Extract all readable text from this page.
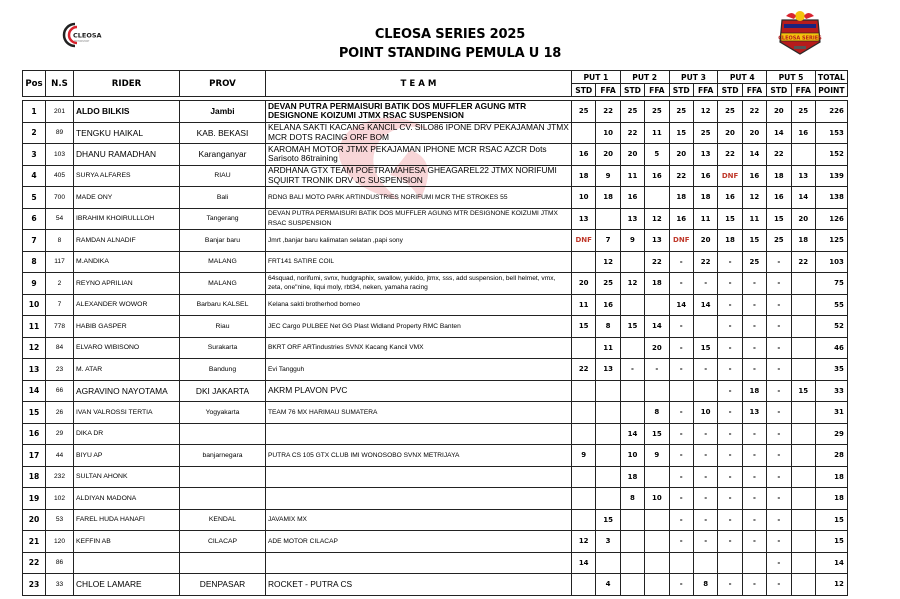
CLEOSA
MOTORSPORT	CLEOSA SERIES 2025
POINT STANDING PEMULA U 18
CLEOSA SERIES
Pos	N.S	RIDER	PROV	T E A M	PUT 1		PUT 2		PUT 3		PUT 4		PUT 5		TOTAL
					STD	FFA	STD	FFA	STD	FFA	STD	FFA	STD	FFA	POINT
1	201	ALDO BILKIS	Jambi	DEVAN PUTRA PERMAISURI BATIK DOS MUFFLER AGUNG MTR DESIGNONE KOIZUMI JTMX RSAC SUSPENSION	25	22	25	25	25	12	25	22	20	25	226
2	89	TENGKU HAIKAL	KAB. BEKASI	KELANA SAKTI KACANG KANCIL CV. SILO86 IPONE DRV PEKAJAMAN JTMX MCR DOTS RACING ORF BOM		10	22	11	15	25	20	20	14	16	153
3	103	DHANU RAMADHAN	Karanganyar	KAROMAH MOTOR JTMX PEKAJAMAN IPHONE MCR RSAC AZCR Dots Sarisoto 86training	16	20	20	5	20	13	22	14	22		152
4	405	SURYA ALFARES	RIAU	ARDHANA GTX TEAM POETRAMAHESA GHEAGAREL22 JTMX NORIFUMI SQUIRT TRONIK DRV JC SUSPENSION	18	9	11	16	22	16	DNF	16	18	13	139
5	700	MADE ONY	Bali	RDNG BALI MOTO PARK ARTINDUSTRIES NORIFUMI MCR THE STROKES 55	10	18	16		18	18	16	12	16	14	138
6	54	IBRAHIM KHOIRULLLOH	Tangerang	DEVAN PUTRA PERMAISURI BATIK DOS MUFFLER AGUNG MTR DESIGNONE KOIZUMI JTMX RSAC SUSPENSION	13		13	12	16	11	15	11	15	20	126
7	8	RAMDAN ALNADIF	Banjar baru	Jmrt ,banjar baru kalimatan selatan ,papi sony	DNF	7	9	13	DNF	20	18	15	25	18	125
8	117	M.ANDIKA	MALANG	FRT141 SATIRE COIL		12		22	-	22	-	25	-	22	103
9	2	REYNO APRILIAN	MALANG	64squad, norifumi, svnx, hudgraphix, swallow, yukido, jtmx, sss, add suspension, bell helmet, vmx, zeta, one"nine, liqui moly, rbt34, neken, yamaha racing	20	25	12	18	-	-	-	-	-		75
10	7	ALEXANDER WOWOR	Barbaru KALSEL	Kelana sakti brotherhod borneo	11	16			14	14	-	-	-		55
11	778	HABIB GASPER	Riau	JEC Cargo PULBEE Net GG Plast Widland Property RMC Banten	15	8	15	14	-		-	-	-		52
12	84	ELVARO WIBISONO	Surakarta	BKRT ORF ARTindustries SVNX Kacang Kancil VMX		11		20	-	15	-	-	-		46
13	23	M. ATAR	Bandung	Evi Tangguh	22	13	-	-	-	-	-	-	-		35
14	66	AGRAVINO NAYOTAMA	DKI JAKARTA	AKRM PLAVON PVC							-	18	-	15	33
15	26	IVAN VALROSSI TERTIA	Yogyakarta	TEAM 76 MX HARIMAU SUMATERA				8	-	10	-	13	-		31
16	29	DIKA DR					14	15	-	-	-	-	-		29
17	44	BIYU AP	banjarnegara	PUTRA CS 105 GTX CLUB IMI WONOSOBO SVNX METRIJAYA	9		10	9	-	-	-	-	-		28
18	232	SULTAN AHONK					18		-	-	-	-	-		18
19	102	ALDIYAN MADONA					8	10	-	-	-	-	-		18
20	53	FAREL HUDA HANAFI	KENDAL	JAVAMIX MX		15			-	-	-	-	-		15
21	120	KEFFIN AB	CILACAP	ADE MOTOR CILACAP	12	3			-	-	-	-	-		15
22	86				14								-		14
23	33	CHLOE LAMARE	DENPASAR	ROCKET - PUTRA CS		4			-	8	-	-	-		12
